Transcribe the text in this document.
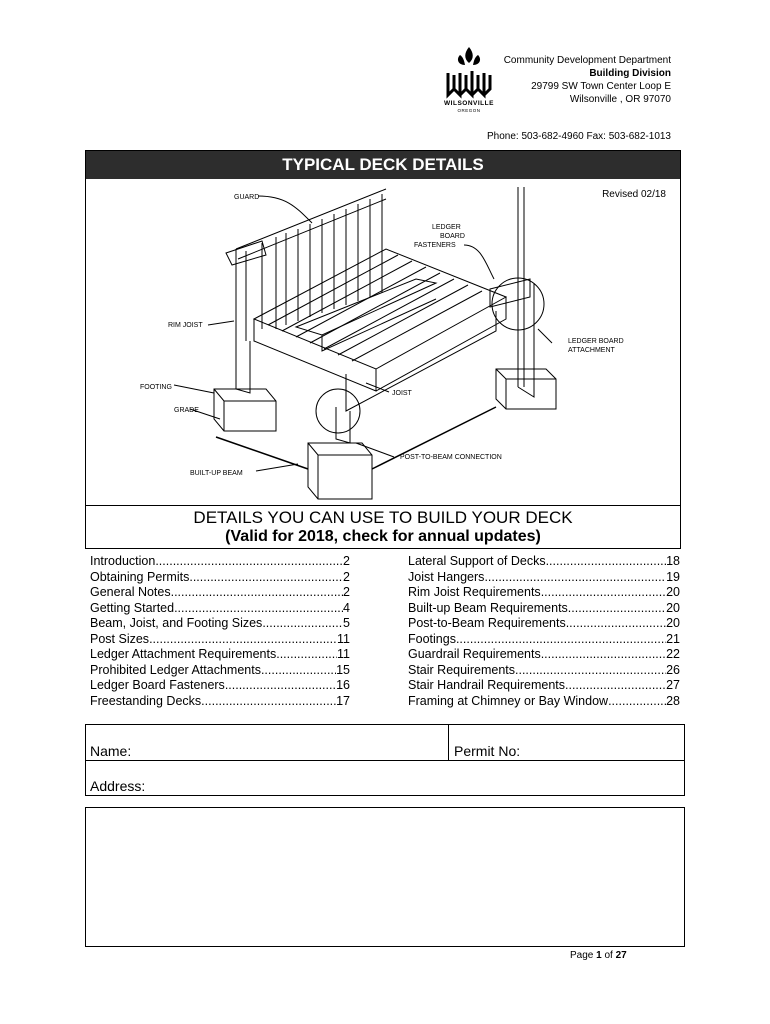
WILSONVILLE
OREGON
Community Development Department
Building Division
29799 SW Town Center Loop E
Wilsonville , OR 97070
Phone: 503-682-4960 Fax: 503-682-1013
TYPICAL DECK DETAILS
Revised 02/18
GUARD
LEDGER
BOARD
FASTENERS
RIM JOIST
LEDGER BOARD
ATTACHMENT
FOOTING
GRADE
JOIST
POST-TO-BEAM CONNECTION
BUILT-UP BEAM
DETAILS YOU CAN USE TO BUILD YOUR DECK
(Valid for 2018, check for annual updates)
Introduction .....	2
Obtaining Permits .....	2
General Notes .....	2
Getting Started .....	4
Beam, Joist, and Footing Sizes .....	5
Post Sizes .....	11
Ledger Attachment Requirements .....	11
Prohibited Ledger Attachments .....	15
Ledger Board Fasteners .....	16
Freestanding Decks .....	17
Lateral Support of Decks .....	18
Joist Hangers .....	19
Rim Joist Requirements .....	20
Built-up Beam Requirements .....	20
Post-to-Beam Requirements .....	20
Footings .....	21
Guardrail Requirements .....	22
Stair Requirements .....	26
Stair Handrail Requirements .....	27
Framing at Chimney or Bay Window .....	28
Name:	Permit No:
Address:
Page 1 of 27
